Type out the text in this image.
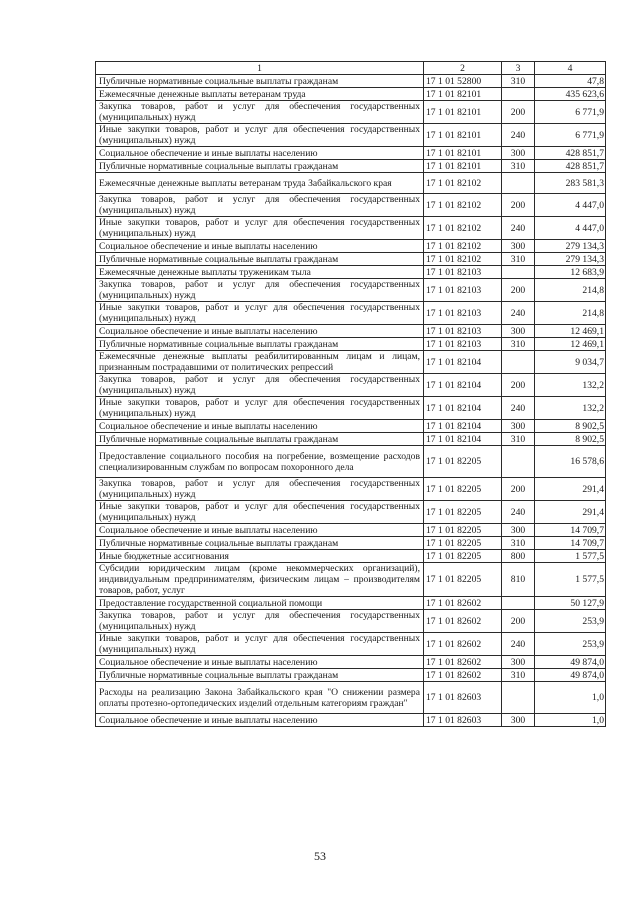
1	2	3	4
Публичные нормативные социальные выплаты гражданам	17 1 01 52800	310	47,8
Ежемесячные денежные выплаты ветеранам труда	17 1 01 82101		435 623,6
Закупка товаров, работ и услуг для обеспечения государственных (муниципальных) нужд	17 1 01 82101	200	6 771,9
Иные закупки товаров, работ и услуг для обеспечения государственных (муниципальных) нужд	17 1 01 82101	240	6 771,9
Социальное обеспечение и иные выплаты населению	17 1 01 82101	300	428 851,7
Публичные нормативные социальные выплаты гражданам	17 1 01 82101	310	428 851,7
Ежемесячные денежные выплаты ветеранам труда Забайкальского края	17 1 01 82102		283 581,3
Закупка товаров, работ и услуг для обеспечения государственных (муниципальных) нужд	17 1 01 82102	200	4 447,0
Иные закупки товаров, работ и услуг для обеспечения государственных (муниципальных) нужд	17 1 01 82102	240	4 447,0
Социальное обеспечение и иные выплаты населению	17 1 01 82102	300	279 134,3
Публичные нормативные социальные выплаты гражданам	17 1 01 82102	310	279 134,3
Ежемесячные денежные выплаты труженикам тыла	17 1 01 82103		12 683,9
Закупка товаров, работ и услуг для обеспечения государственных (муниципальных) нужд	17 1 01 82103	200	214,8
Иные закупки товаров, работ и услуг для обеспечения государственных (муниципальных) нужд	17 1 01 82103	240	214,8
Социальное обеспечение и иные выплаты населению	17 1 01 82103	300	12 469,1
Публичные нормативные социальные выплаты гражданам	17 1 01 82103	310	12 469,1
Ежемесячные денежные выплаты реабилитированным лицам и лицам, признанным пострадавшими от политических репрессий	17 1 01 82104		9 034,7
Закупка товаров, работ и услуг для обеспечения государственных (муниципальных) нужд	17 1 01 82104	200	132,2
Иные закупки товаров, работ и услуг для обеспечения государственных (муниципальных) нужд	17 1 01 82104	240	132,2
Социальное обеспечение и иные выплаты населению	17 1 01 82104	300	8 902,5
Публичные нормативные социальные выплаты гражданам	17 1 01 82104	310	8 902,5
Предоставление социального пособия на погребение, возмещение расходов специализированным службам по вопросам похоронного дела	17 1 01 82205		16 578,6
Закупка товаров, работ и услуг для обеспечения государственных (муниципальных) нужд	17 1 01 82205	200	291,4
Иные закупки товаров, работ и услуг для обеспечения государственных (муниципальных) нужд	17 1 01 82205	240	291,4
Социальное обеспечение и иные выплаты населению	17 1 01 82205	300	14 709,7
Публичные нормативные социальные выплаты гражданам	17 1 01 82205	310	14 709,7
Иные бюджетные ассигнования	17 1 01 82205	800	1 577,5
Субсидии юридическим лицам (кроме некоммерческих организаций), индивидуальным предпринимателям, физическим лицам – производителям товаров, работ, услуг	17 1 01 82205	810	1 577,5
Предоставление государственной социальной помощи	17 1 01 82602		50 127,9
Закупка товаров, работ и услуг для обеспечения государственных (муниципальных) нужд	17 1 01 82602	200	253,9
Иные закупки товаров, работ и услуг для обеспечения государственных (муниципальных) нужд	17 1 01 82602	240	253,9
Социальное обеспечение и иные выплаты населению	17 1 01 82602	300	49 874,0
Публичные нормативные социальные выплаты гражданам	17 1 01 82602	310	49 874,0
Расходы на реализацию Закона Забайкальского края "О снижении размера оплаты протезно-ортопедических изделий отдельным категориям граждан"	17 1 01 82603		1,0
Социальное обеспечение и иные выплаты населению	17 1 01 82603	300	1,0
53
